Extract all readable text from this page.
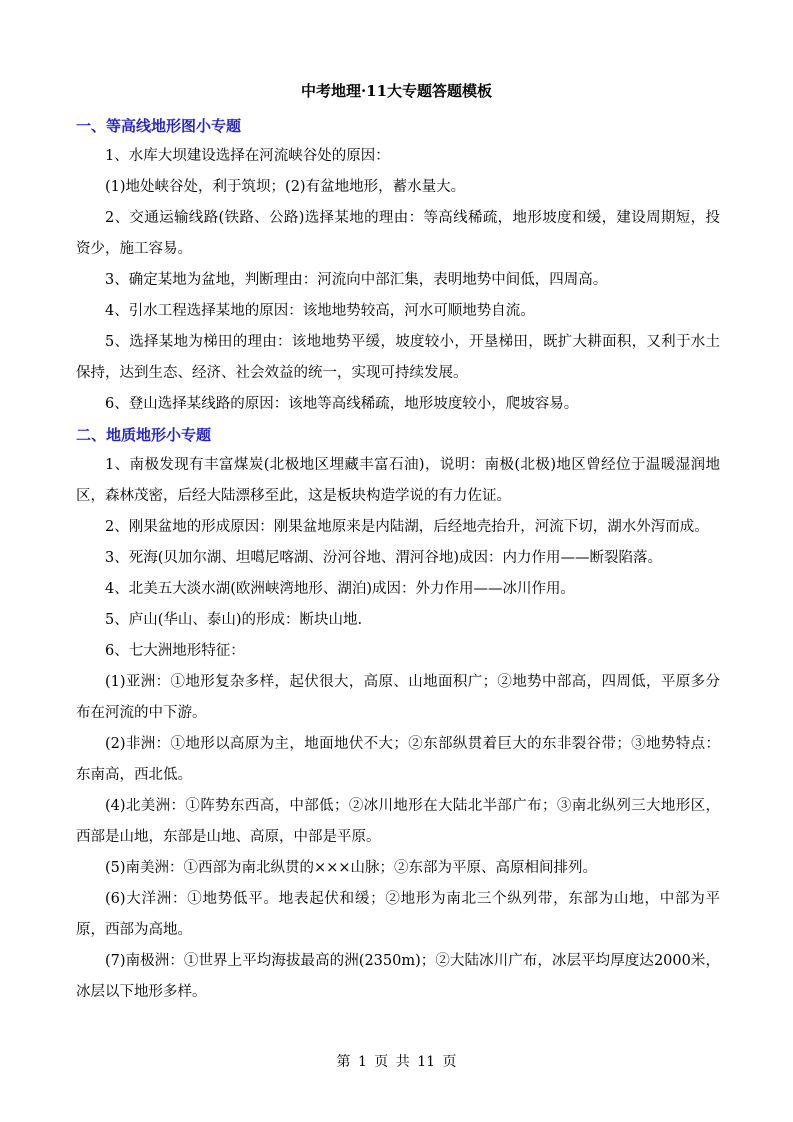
中考地理·11大专题答题模板

一、等高线地形图小专题

1、水库大坝建设选择在河流峡谷处的原因：

(1)地处峡谷处，利于筑坝；(2)有盆地地形，蓄水量大。

2、交通运输线路(铁路、公路)选择某地的理由：等高线稀疏，地形坡度和缓，建设周期短，投资少，施工容易。

3、确定某地为盆地，判断理由：河流向中部汇集，表明地势中间低，四周高。

4、引水工程选择某地的原因：该地地势较高，河水可顺地势自流。

5、选择某地为梯田的理由：该地地势平缓，坡度较小，开垦梯田，既扩大耕面积，又利于水土保持，达到生态、经济、社会效益的统一，实现可持续发展。

6、登山选择某线路的原因：该地等高线稀疏，地形坡度较小，爬坡容易。

二、地质地形小专题

1、南极发现有丰富煤炭(北极地区埋藏丰富石油)，说明：南极(北极)地区曾经位于温暖湿润地区，森林茂密，后经大陆漂移至此，这是板块构造学说的有力佐证。

2、刚果盆地的形成原因：刚果盆地原来是内陆湖，后经地壳抬升，河流下切，湖水外泻而成。

3、死海(贝加尔湖、坦噶尼喀湖、汾河谷地、渭河谷地)成因：内力作用——断裂陷落。

4、北美五大淡水湖(欧洲峡湾地形、湖泊)成因：外力作用——冰川作用。

5、庐山(华山、泰山)的形成：断块山地.

6、七大洲地形特征：

(1)亚洲：①地形复杂多样，起伏很大，高原、山地面积广；②地势中部高，四周低，平原多分布在河流的中下游。

(2)非洲：①地形以高原为主，地面地伏不大；②东部纵贯着巨大的东非裂谷带；③地势特点：东南高，西北低。

(4)北美洲：①阵势东西高，中部低；②冰川地形在大陆北半部广布；③南北纵列三大地形区，西部是山地，东部是山地、高原，中部是平原。

(5)南美洲：①西部为南北纵贯的×××山脉；②东部为平原、高原相间排列。

(6)大洋洲：①地势低平。地表起伏和缓；②地形为南北三个纵列带，东部为山地，中部为平原，西部为高地。

(7)南极洲：①世界上平均海拔最高的洲(2350m)；②大陆冰川广布，冰层平均厚度达2000米，冰层以下地形多样。

第 1 页 共 11 页
